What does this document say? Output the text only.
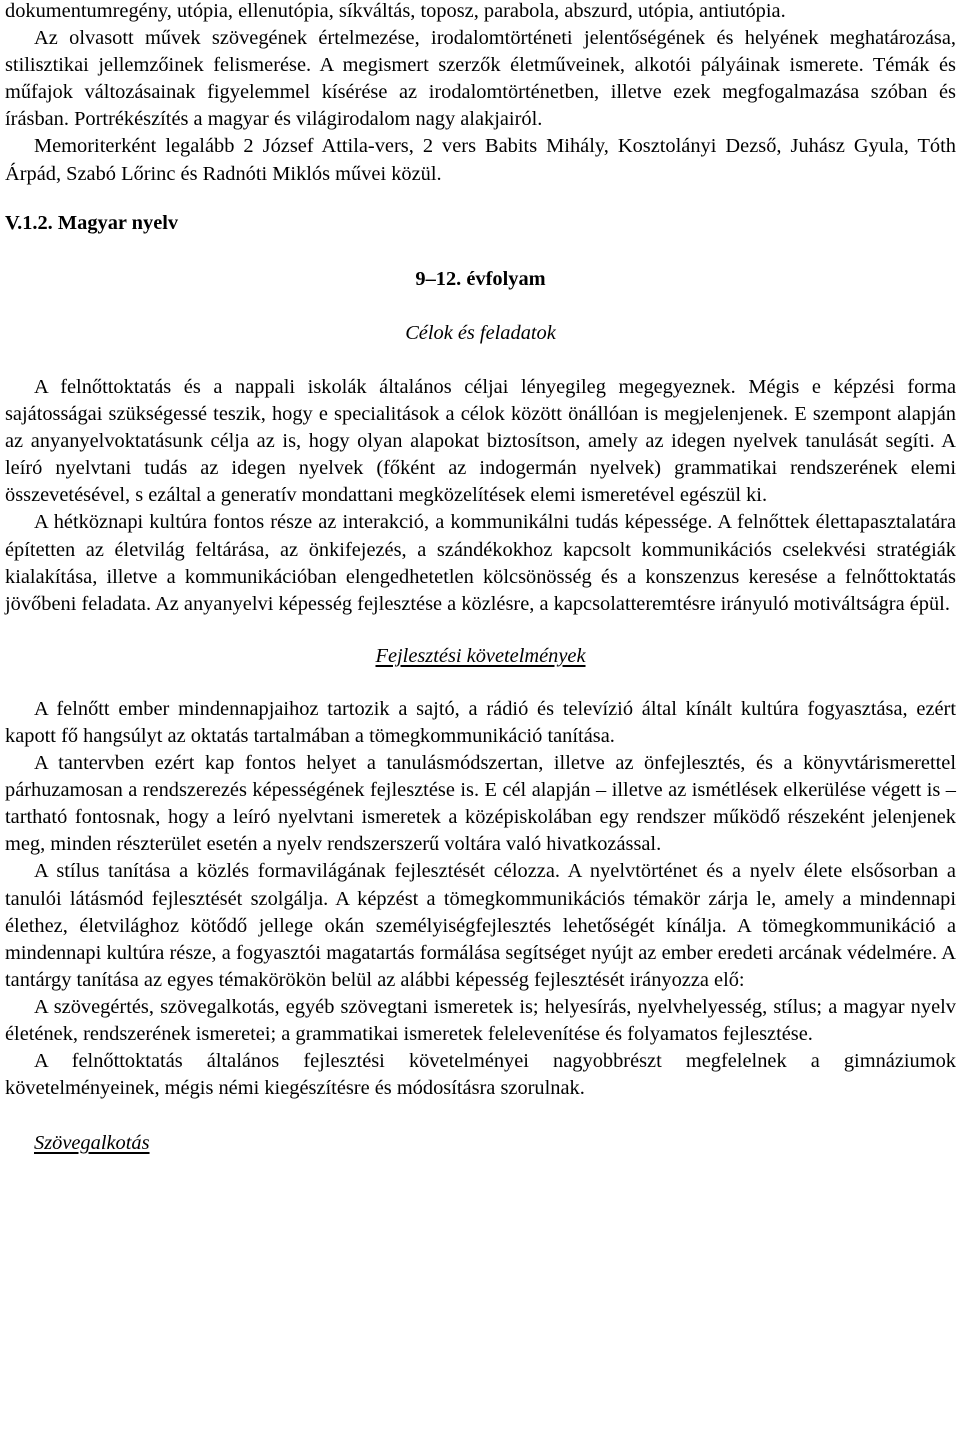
dokumentumregény, utópia, ellenutópia, síkváltás, toposz, parabola, abszurd, utópia, antiutópia.

Az olvasott művek szövegének értelmezése, irodalomtörténeti jelentőségének és helyének meghatározása, stilisztikai jellemzőinek felismerése. A megismert szerzők életműveinek, alkotói pályáinak ismerete. Témák és műfajok változásainak figyelemmel kísérése az irodalomtörténetben, illetve ezek megfogalmazása szóban és írásban. Portrékészítés a magyar és világirodalom nagy alakjairól.

Memoriterként legalább 2 József Attila-vers, 2 vers Babits Mihály, Kosztolányi Dezső, Juhász Gyula, Tóth Árpád, Szabó Lőrinc és Radnóti Miklós művei közül.

V.1.2. Magyar nyelv

9–12. évfolyam

Célok és feladatok

A felnőttoktatás és a nappali iskolák általános céljai lényegileg megegyeznek. Mégis e képzési forma sajátosságai szükségessé teszik, hogy e specialitások a célok között önállóan is megjelenjenek. E szempont alapján az anyanyelvoktatásunk célja az is, hogy olyan alapokat biztosítson, amely az idegen nyelvek tanulását segíti. A leíró nyelvtani tudás az idegen nyelvek (főként az indogermán nyelvek) grammatikai rendszerének elemi összevetésével, s ezáltal a generatív mondattani megközelítések elemi ismeretével egészül ki.

A hétköznapi kultúra fontos része az interakció, a kommunikálni tudás képessége. A felnőttek élettapasztalatára építetten az életvilág feltárása, az önkifejezés, a szándékokhoz kapcsolt kommunikációs cselekvési stratégiák kialakítása, illetve a kommunikációban elengedhetetlen kölcsönösség és a konszenzus keresése a felnőttoktatás jövőbeni feladata. Az anyanyelvi képesség fejlesztése a közlésre, a kapcsolatteremtésre irányuló motiváltságra épül.

Fejlesztési követelmények

A felnőtt ember mindennapjaihoz tartozik a sajtó, a rádió és televízió által kínált kultúra fogyasztása, ezért kapott fő hangsúlyt az oktatás tartalmában a tömegkommunikáció tanítása.

A tantervben ezért kap fontos helyet a tanulásmódszertan, illetve az önfejlesztés, és a könyvtárismerettel párhuzamosan a rendszerezés képességének fejlesztése is. E cél alapján – illetve az ismétlések elkerülése végett is – tartható fontosnak, hogy a leíró nyelvtani ismeretek a középiskolában egy rendszer működő részeként jelenjenek meg, minden részterület esetén a nyelv rendszerszerű voltára való hivatkozással.

A stílus tanítása a közlés formavilágának fejlesztését célozza. A nyelvtörténet és a nyelv élete elsősorban a tanulói látásmód fejlesztését szolgálja. A képzést a tömegkommunikációs témakör zárja le, amely a mindennapi élethez, életvilághoz kötődő jellege okán személyiségfejlesztés lehetőségét kínálja. A tömegkommunikáció a mindennapi kultúra része, a fogyasztói magatartás formálása segítséget nyújt az ember eredeti arcának védelmére. A tantárgy tanítása az egyes témakörökön belül az alábbi képesség fejlesztését irányozza elő:

A szövegértés, szövegalkotás, egyéb szövegtani ismeretek is; helyesírás, nyelvhelyesség, stílus; a magyar nyelv életének, rendszerének ismeretei; a grammatikai ismeretek felelevenítése és folyamatos fejlesztése.

A felnőttoktatás általános fejlesztési követelményei nagyobbrészt megfelelnek a gimnáziumok követelményeinek, mégis némi kiegészítésre és módosításra szorulnak.

Szövegalkotás
